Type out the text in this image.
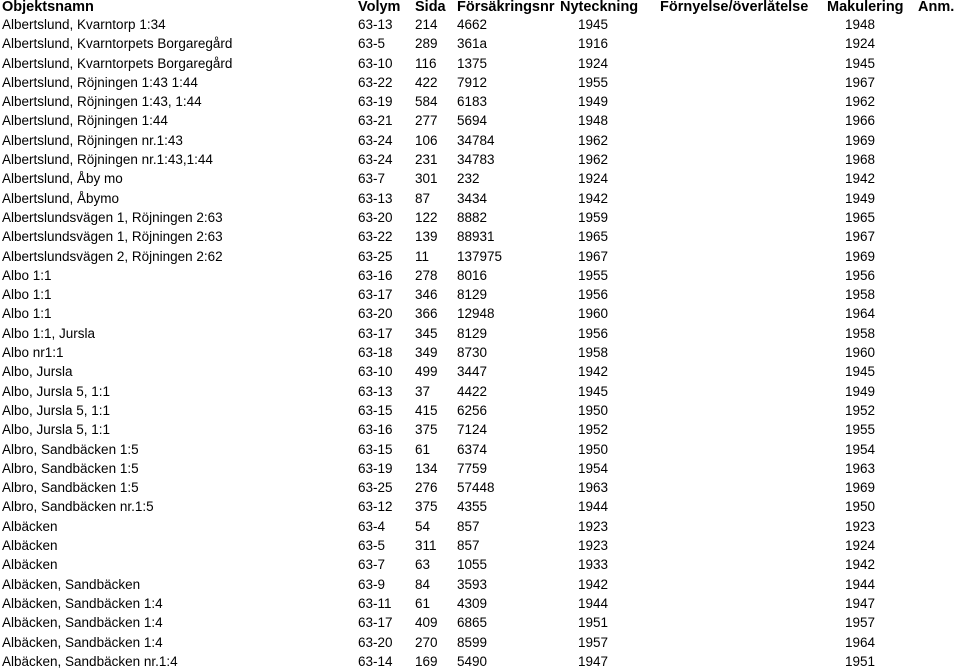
Objektsnamn	Volym	Sida	Försäkringsnr	Nyteckning	Förnyelse/överlåtelse	Makulering	Anm.
Albertslund, Kvarntorp 1:34	63-13	214	4662	1945		1948	
Albertslund, Kvarntorpets Borgaregård	63-5	289	361a	1916		1924	
Albertslund, Kvarntorpets Borgaregård	63-10	116	1375	1924		1945	
Albertslund, Röjningen 1:43 1:44	63-22	422	7912	1955		1967	
Albertslund, Röjningen 1:43, 1:44	63-19	584	6183	1949		1962	
Albertslund, Röjningen 1:44	63-21	277	5694	1948		1966	
Albertslund, Röjningen nr.1:43	63-24	106	34784	1962		1969	
Albertslund, Röjningen nr.1:43,1:44	63-24	231	34783	1962		1968	
Albertslund, Åby mo	63-7	301	232	1924		1942	
Albertslund, Åbymo	63-13	87	3434	1942		1949	
Albertslundsvägen 1, Röjningen 2:63	63-20	122	8882	1959		1965	
Albertslundsvägen 1, Röjningen 2:63	63-22	139	88931	1965		1967	
Albertslundsvägen 2, Röjningen 2:62	63-25	11	137975	1967		1969	
Albo 1:1	63-16	278	8016	1955		1956	
Albo 1:1	63-17	346	8129	1956		1958	
Albo 1:1	63-20	366	12948	1960		1964	
Albo 1:1, Jursla	63-17	345	8129	1956		1958	
Albo nr1:1	63-18	349	8730	1958		1960	
Albo, Jursla	63-10	499	3447	1942		1945	
Albo, Jursla 5, 1:1	63-13	37	4422	1945		1949	
Albo, Jursla 5, 1:1	63-15	415	6256	1950		1952	
Albo, Jursla 5, 1:1	63-16	375	7124	1952		1955	
Albro, Sandbäcken 1:5	63-15	61	6374	1950		1954	
Albro, Sandbäcken 1:5	63-19	134	7759	1954		1963	
Albro, Sandbäcken 1:5	63-25	276	57448	1963		1969	
Albro, Sandbäcken nr.1:5	63-12	375	4355	1944		1950	
Albäcken	63-4	54	857	1923		1923	
Albäcken	63-5	311	857	1923		1924	
Albäcken	63-7	63	1055	1933		1942	
Albäcken, Sandbäcken	63-9	84	3593	1942		1944	
Albäcken, Sandbäcken 1:4	63-11	61	4309	1944		1947	
Albäcken, Sandbäcken 1:4	63-17	409	6865	1951		1957	
Albäcken, Sandbäcken 1:4	63-20	270	8599	1957		1964	
Albäcken, Sandbäcken nr.1:4	63-14	169	5490	1947		1951	
